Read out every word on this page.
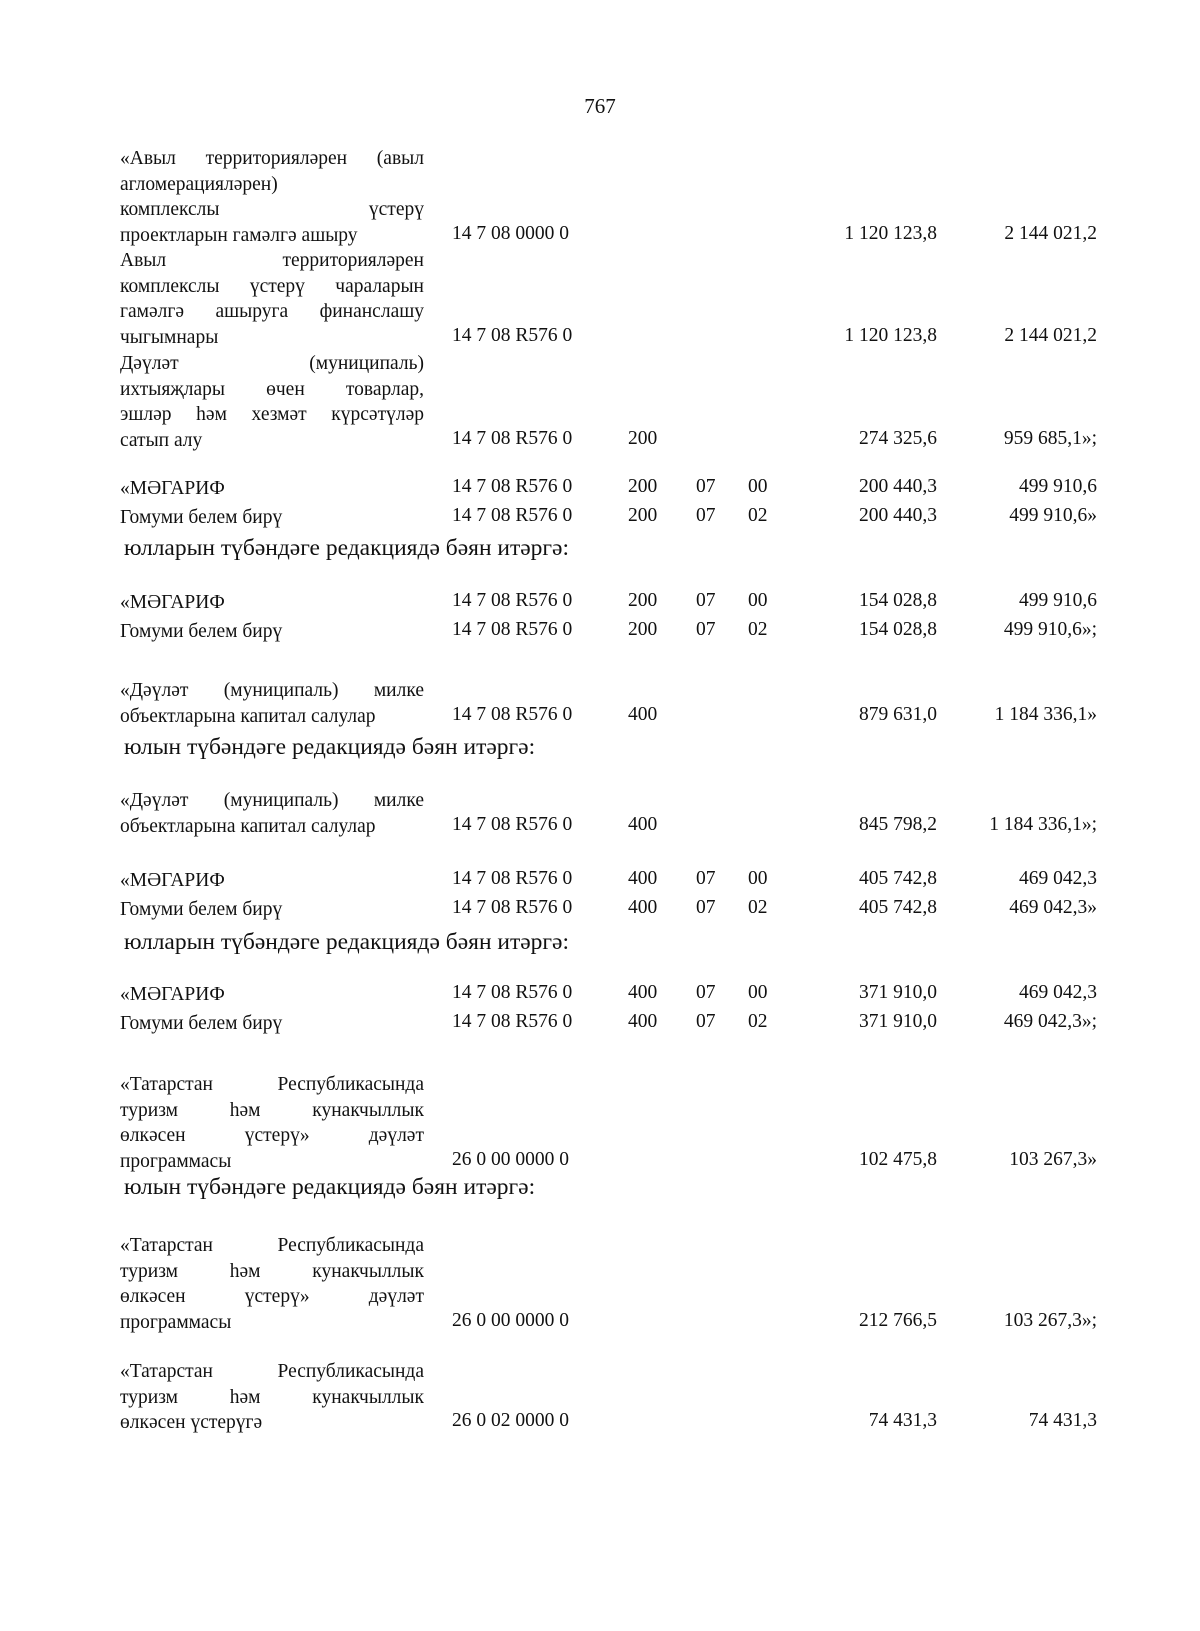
767
«Авыл территорияләрен (авыл
агломерацияләрен)
комплекслы үстерү
проектларын гамәлгә ашыру	14 7 08 0000 0	1 120 123,8	2 144 021,2
Авыл территорияләрен
комплекслы үстерү чараларын
гамәлгә ашыруга финанслашу
чыгымнары	14 7 08 R576 0	1 120 123,8	2 144 021,2
Дәүләт (муниципаль)
ихтыяҗлары өчен товарлар,
эшләр һәм хезмәт күрсәтүләр
сатып алу	14 7 08 R576 0	200	274 325,6	959 685,1»;
«МӘГАРИФ	14 7 08 R576 0	200 07 00	200 440,3	499 910,6
Гомуми белем бирү	14 7 08 R576 0	200 07 02	200 440,3	499 910,6»
«МӘГАРИФ	14 7 08 R576 0	200 07 00	154 028,8	499 910,6
Гомуми белем бирү	14 7 08 R576 0	200 07 02	154 028,8	499 910,6»;
«Дәүләт (муниципаль) милке
объектларына капитал салулар	14 7 08 R576 0	400	879 631,0	1 184 336,1»
«Дәүләт (муниципаль) милке
объектларына капитал салулар	14 7 08 R576 0	400	845 798,2	1 184 336,1»;
«МӘГАРИФ	14 7 08 R576 0	400 07 00	405 742,8	469 042,3
Гомуми белем бирү	14 7 08 R576 0	400 07 02	405 742,8	469 042,3»
«МӘГАРИФ	14 7 08 R576 0	400 07 00	371 910,0	469 042,3
Гомуми белем бирү	14 7 08 R576 0	400 07 02	371 910,0	469 042,3»;
«Татарстан Республикасында
туризм һәм кунакчыллык
өлкәсен үстерү» дәүләт
программасы	26 0 00 0000 0	102 475,8	103 267,3»
«Татарстан Республикасында
туризм һәм кунакчыллык
өлкәсен үстерү» дәүләт
программасы	26 0 00 0000 0	212 766,5	103 267,3»;
«Татарстан Республикасында
туризм һәм кунакчыллык
өлкәсен үстерүгә	26 0 02 0000 0	74 431,3	74 431,3
юлларын түбәндәге редакциядә бәян итәргә:
юлын түбәндәге редакциядә бәян итәргә:
юлларын түбәндәге редакциядә бәян итәргә:
юлын түбәндәге редакциядә бәян итәргә:
